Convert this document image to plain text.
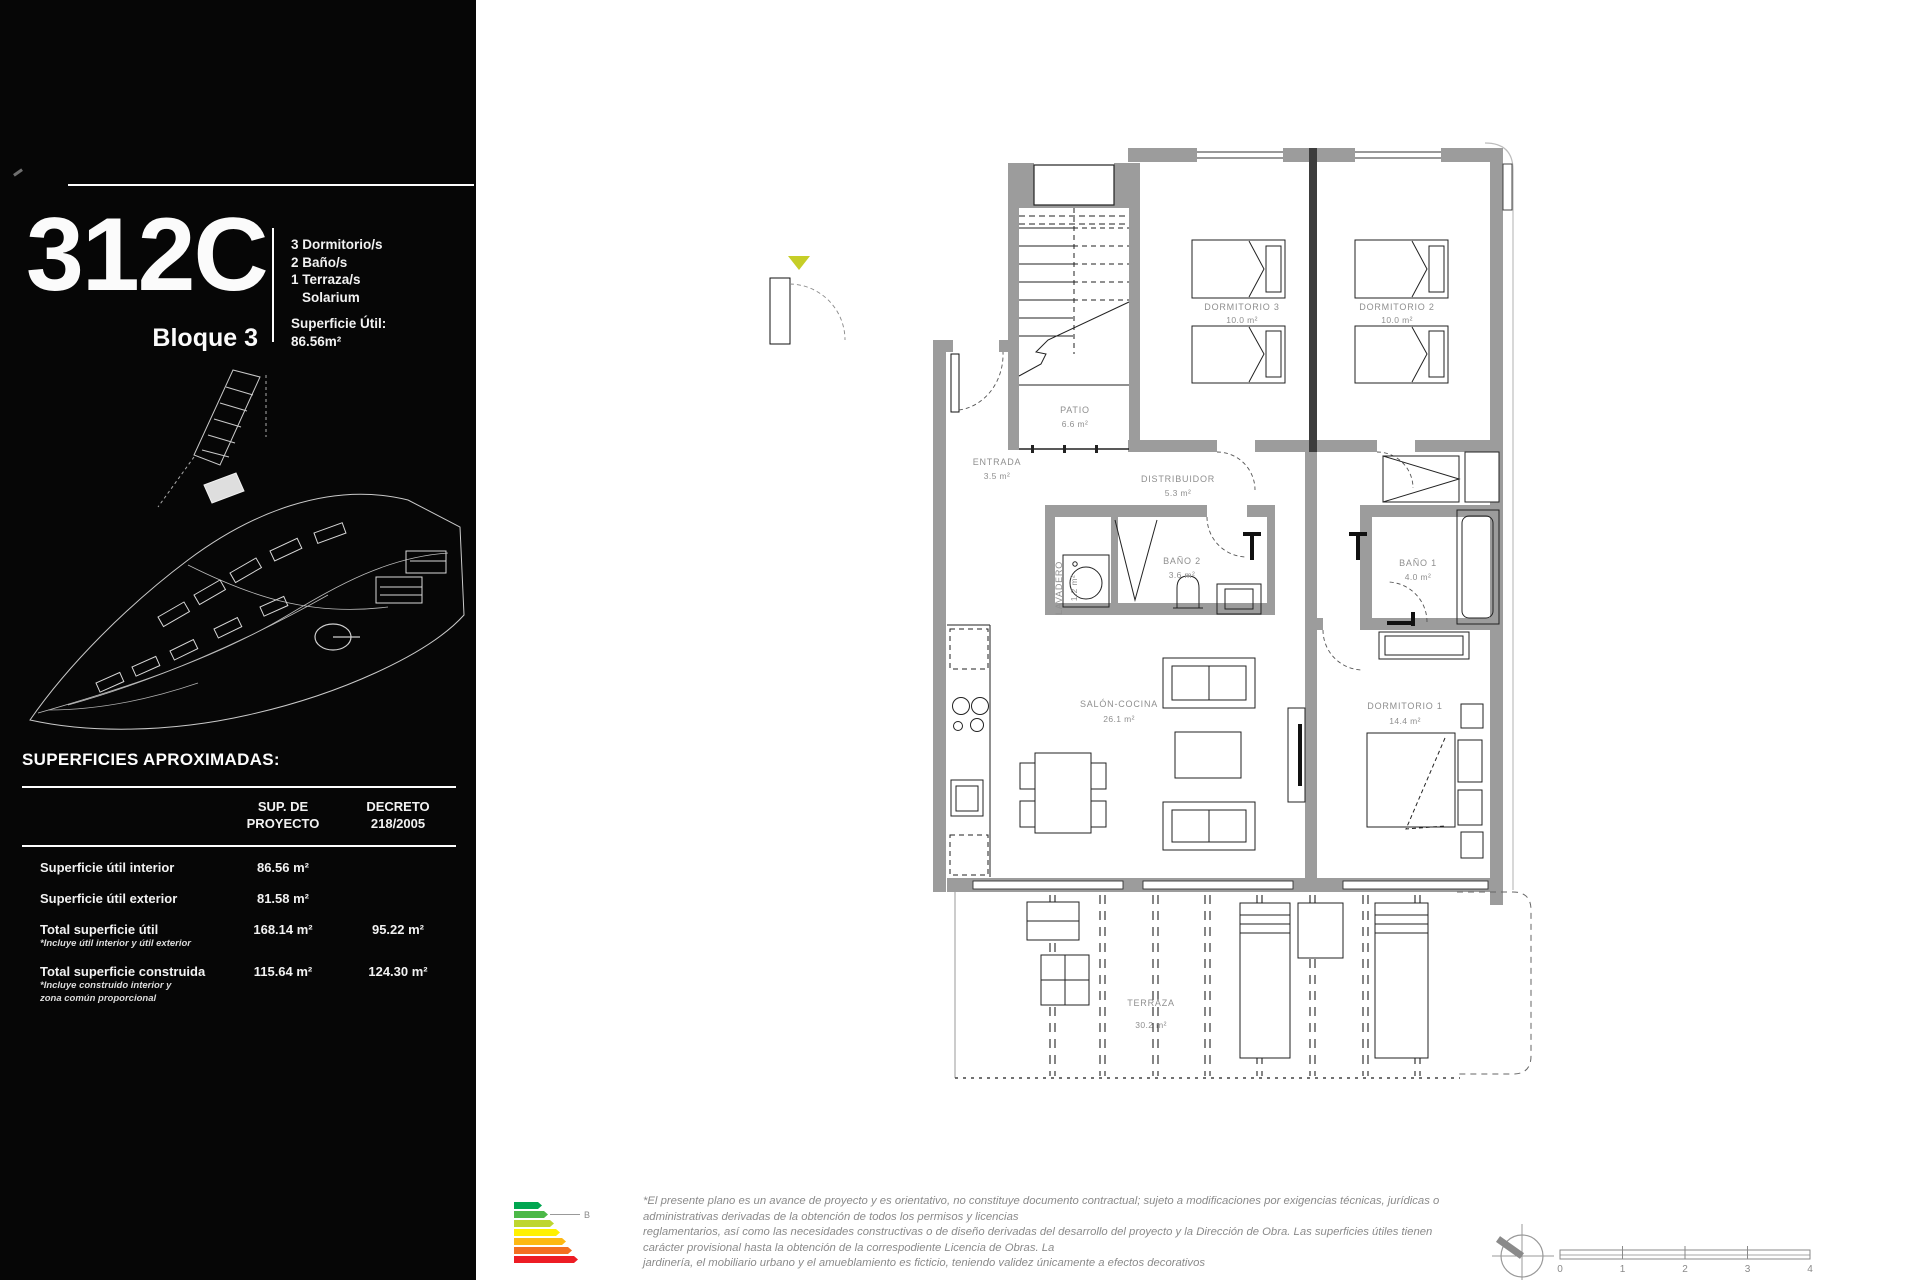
312C 3 Dormitorio/s
2 Baño/s
1 Terraza/s
Solarium
Superficie Útil:
86.56m²
Bloque 3
SUPERFICIES APROXIMADAS:
SUP. DE
PROYECTO
DECRETO
218/2005
Superficie útil interior	86.56 m²
Superficie útil exterior	81.58 m²
Total superficie útil
*Incluye útil interior y útil exterior
168.14 m²	95.22 m²
Total superficie construida
*Incluye construido interior y
zona común proporcional
115.64 m²	124.30 m²
DORMITORIO 3
10.0 m²
DORMITORIO 2
10.0 m²
PATIO
6.6 m²
ENTRADA
3.5 m²	DISTRIBUIDOR
5.3 m²
LAVADERO 1.2 m²
BAÑO 2
3.6 m²
BAÑO 1
4.0 m²
SALÓN-COCINA
26.1 m²
DORMITORIO 1
14.4 m²
TERRAZA
30.2 m²
B
*El presente plano es un avance de proyecto y es orientativo, no constituye documento contractual; sujeto a modificaciones por exigencias técnicas, jurídicas o
administrativas derivadas de la obtención de todos los permisos y licencias
reglamentarios, así como las necesidades constructivas o de diseño derivadas del desarrollo del proyecto y la Dirección de Obra. Las superficies útiles tienen
carácter provisional hasta la obtención de la correspodiente Licencia de Obras. La
jardinería, el mobiliario urbano y el amueblamiento es ficticio, teniendo validez únicamente a efectos decorativos
0	1	2	3	4
